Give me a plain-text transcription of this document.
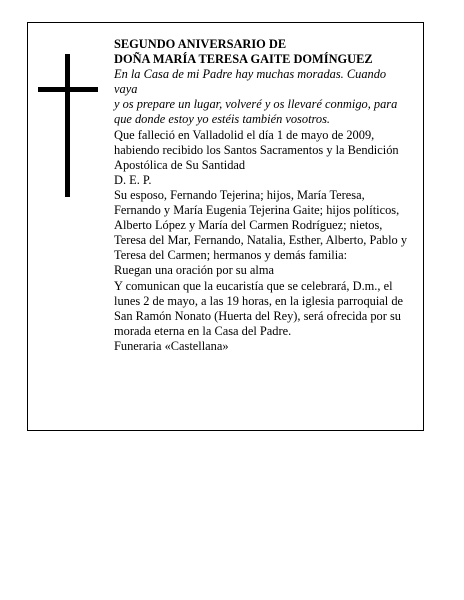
SEGUNDO ANIVERSARIO DE

DOÑA MARÍA TERESA GAITE DOMÍNGUEZ

En la Casa de mi Padre hay muchas moradas. Cuando vaya

y os prepare un lugar, volveré y os llevaré conmigo, para que donde estoy yo estéis también vosotros.

Que falleció en Valladolid el día 1 de mayo de 2009, habiendo recibido los Santos Sacramentos y la Bendición Apostólica de Su Santidad

D. E. P.

Su esposo, Fernando Tejerina; hijos, María Teresa, Fernando y María Eugenia Tejerina Gaite; hijos políticos, Alberto López y María del Carmen Rodríguez; nietos, Teresa del Mar, Fernando, Natalia, Esther, Alberto, Pablo y Teresa del Carmen; hermanos y demás familia:

Ruegan una oración por su alma

Y comunican que la eucaristía que se celebrará, D.m., el lunes 2 de mayo, a las 19 horas, en la iglesia parroquial de San Ramón Nonato (Huerta del Rey), será ofrecida por su morada eterna en la Casa del Padre.

Funeraria «Castellana»
